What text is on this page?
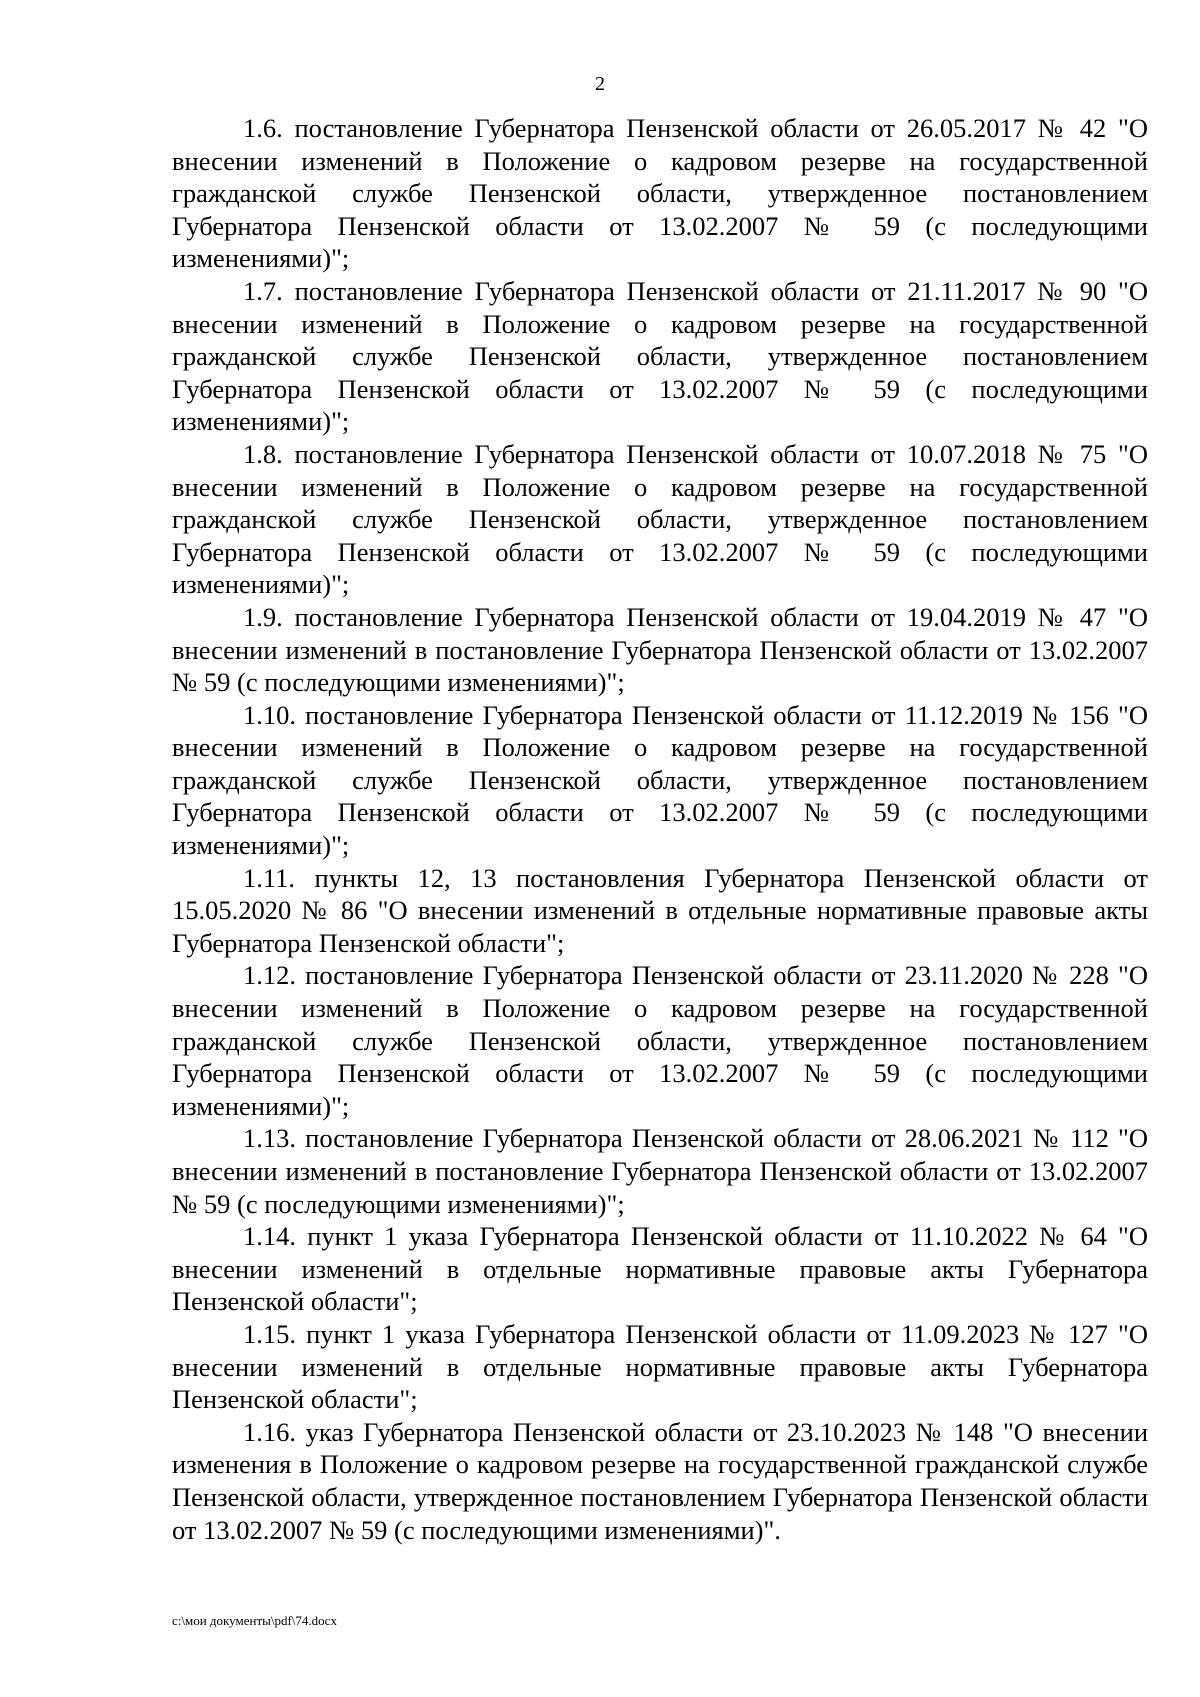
2

1.6. постановление Губернатора Пензенской области от 26.05.2017 № 42 "О внесении изменений в Положение о кадровом резерве на государственной гражданской службе Пензенской области, утвержденное постановлением Губернатора Пензенской области от 13.02.2007 № 59 (с последующими изменениями)";

1.7. постановление Губернатора Пензенской области от 21.11.2017 № 90 "О внесении изменений в Положение о кадровом резерве на государственной гражданской службе Пензенской области, утвержденное постановлением Губернатора Пензенской области от 13.02.2007 № 59 (с последующими изменениями)";

1.8. постановление Губернатора Пензенской области от 10.07.2018 № 75 "О внесении изменений в Положение о кадровом резерве на государственной гражданской службе Пензенской области, утвержденное постановлением Губернатора Пензенской области от 13.02.2007 № 59 (с последующими изменениями)";

1.9. постановление Губернатора Пензенской области от 19.04.2019 № 47 "О внесении изменений в постановление Губернатора Пензенской области от 13.02.2007 № 59 (с последующими изменениями)";

1.10. постановление Губернатора Пензенской области от 11.12.2019 № 156 "О внесении изменений в Положение о кадровом резерве на государственной гражданской службе Пензенской области, утвержденное постановлением Губернатора Пензенской области от 13.02.2007 № 59 (с последующими изменениями)";

1.11. пункты 12, 13 постановления Губернатора Пензенской области от 15.05.2020 № 86 "О внесении изменений в отдельные нормативные правовые акты Губернатора Пензенской области";

1.12. постановление Губернатора Пензенской области от 23.11.2020 № 228 "О внесении изменений в Положение о кадровом резерве на государственной гражданской службе Пензенской области, утвержденное постановлением Губернатора Пензенской области от 13.02.2007 № 59 (с последующими изменениями)";

1.13. постановление Губернатора Пензенской области от 28.06.2021 № 112 "О внесении изменений в постановление Губернатора Пензенской области от 13.02.2007 № 59 (с последующими изменениями)";

1.14. пункт 1 указа Губернатора Пензенской области от 11.10.2022 № 64 "О внесении изменений в отдельные нормативные правовые акты Губернатора Пензенской области";

1.15. пункт 1 указа Губернатора Пензенской области от 11.09.2023 № 127 "О внесении изменений в отдельные нормативные правовые акты Губернатора Пензенской области";

1.16. указ Губернатора Пензенской области от 23.10.2023 № 148 "О внесении изменения в Положение о кадровом резерве на государственной гражданской службе Пензенской области, утвержденное постановлением Губернатора Пензенской области от 13.02.2007 № 59 (с последующими изменениями)".

c:\мои документы\pdf\74.docx
